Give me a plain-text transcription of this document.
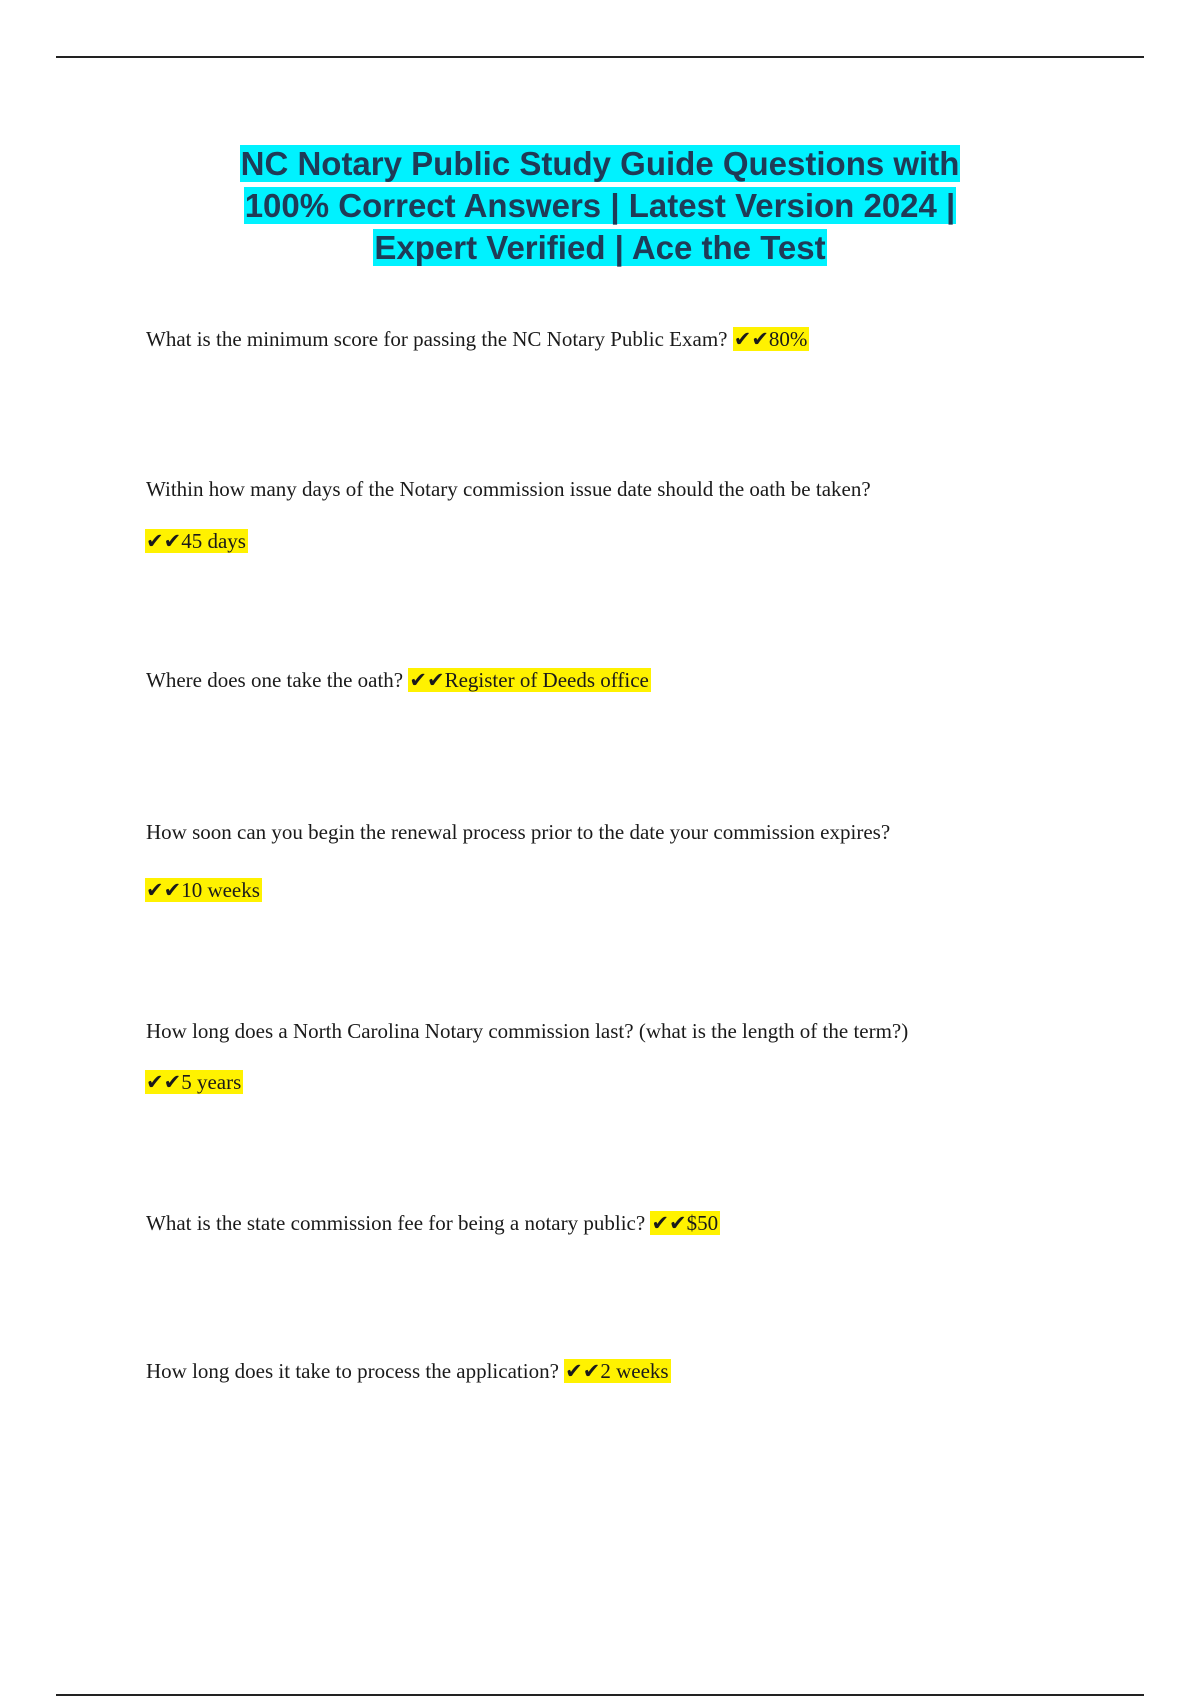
NC Notary Public Study Guide Questions with
100% Correct Answers | Latest Version 2024 |
Expert Verified | Ace the Test

What is the minimum score for passing the NC Notary Public Exam? ✔✔80%

Within how many days of the Notary commission issue date should the oath be taken?

✔✔45 days

Where does one take the oath? ✔✔Register of Deeds office

How soon can you begin the renewal process prior to the date your commission expires?

✔✔10 weeks

How long does a North Carolina Notary commission last? (what is the length of the term?)

✔✔5 years

What is the state commission fee for being a notary public? ✔✔$50

How long does it take to process the application? ✔✔2 weeks
